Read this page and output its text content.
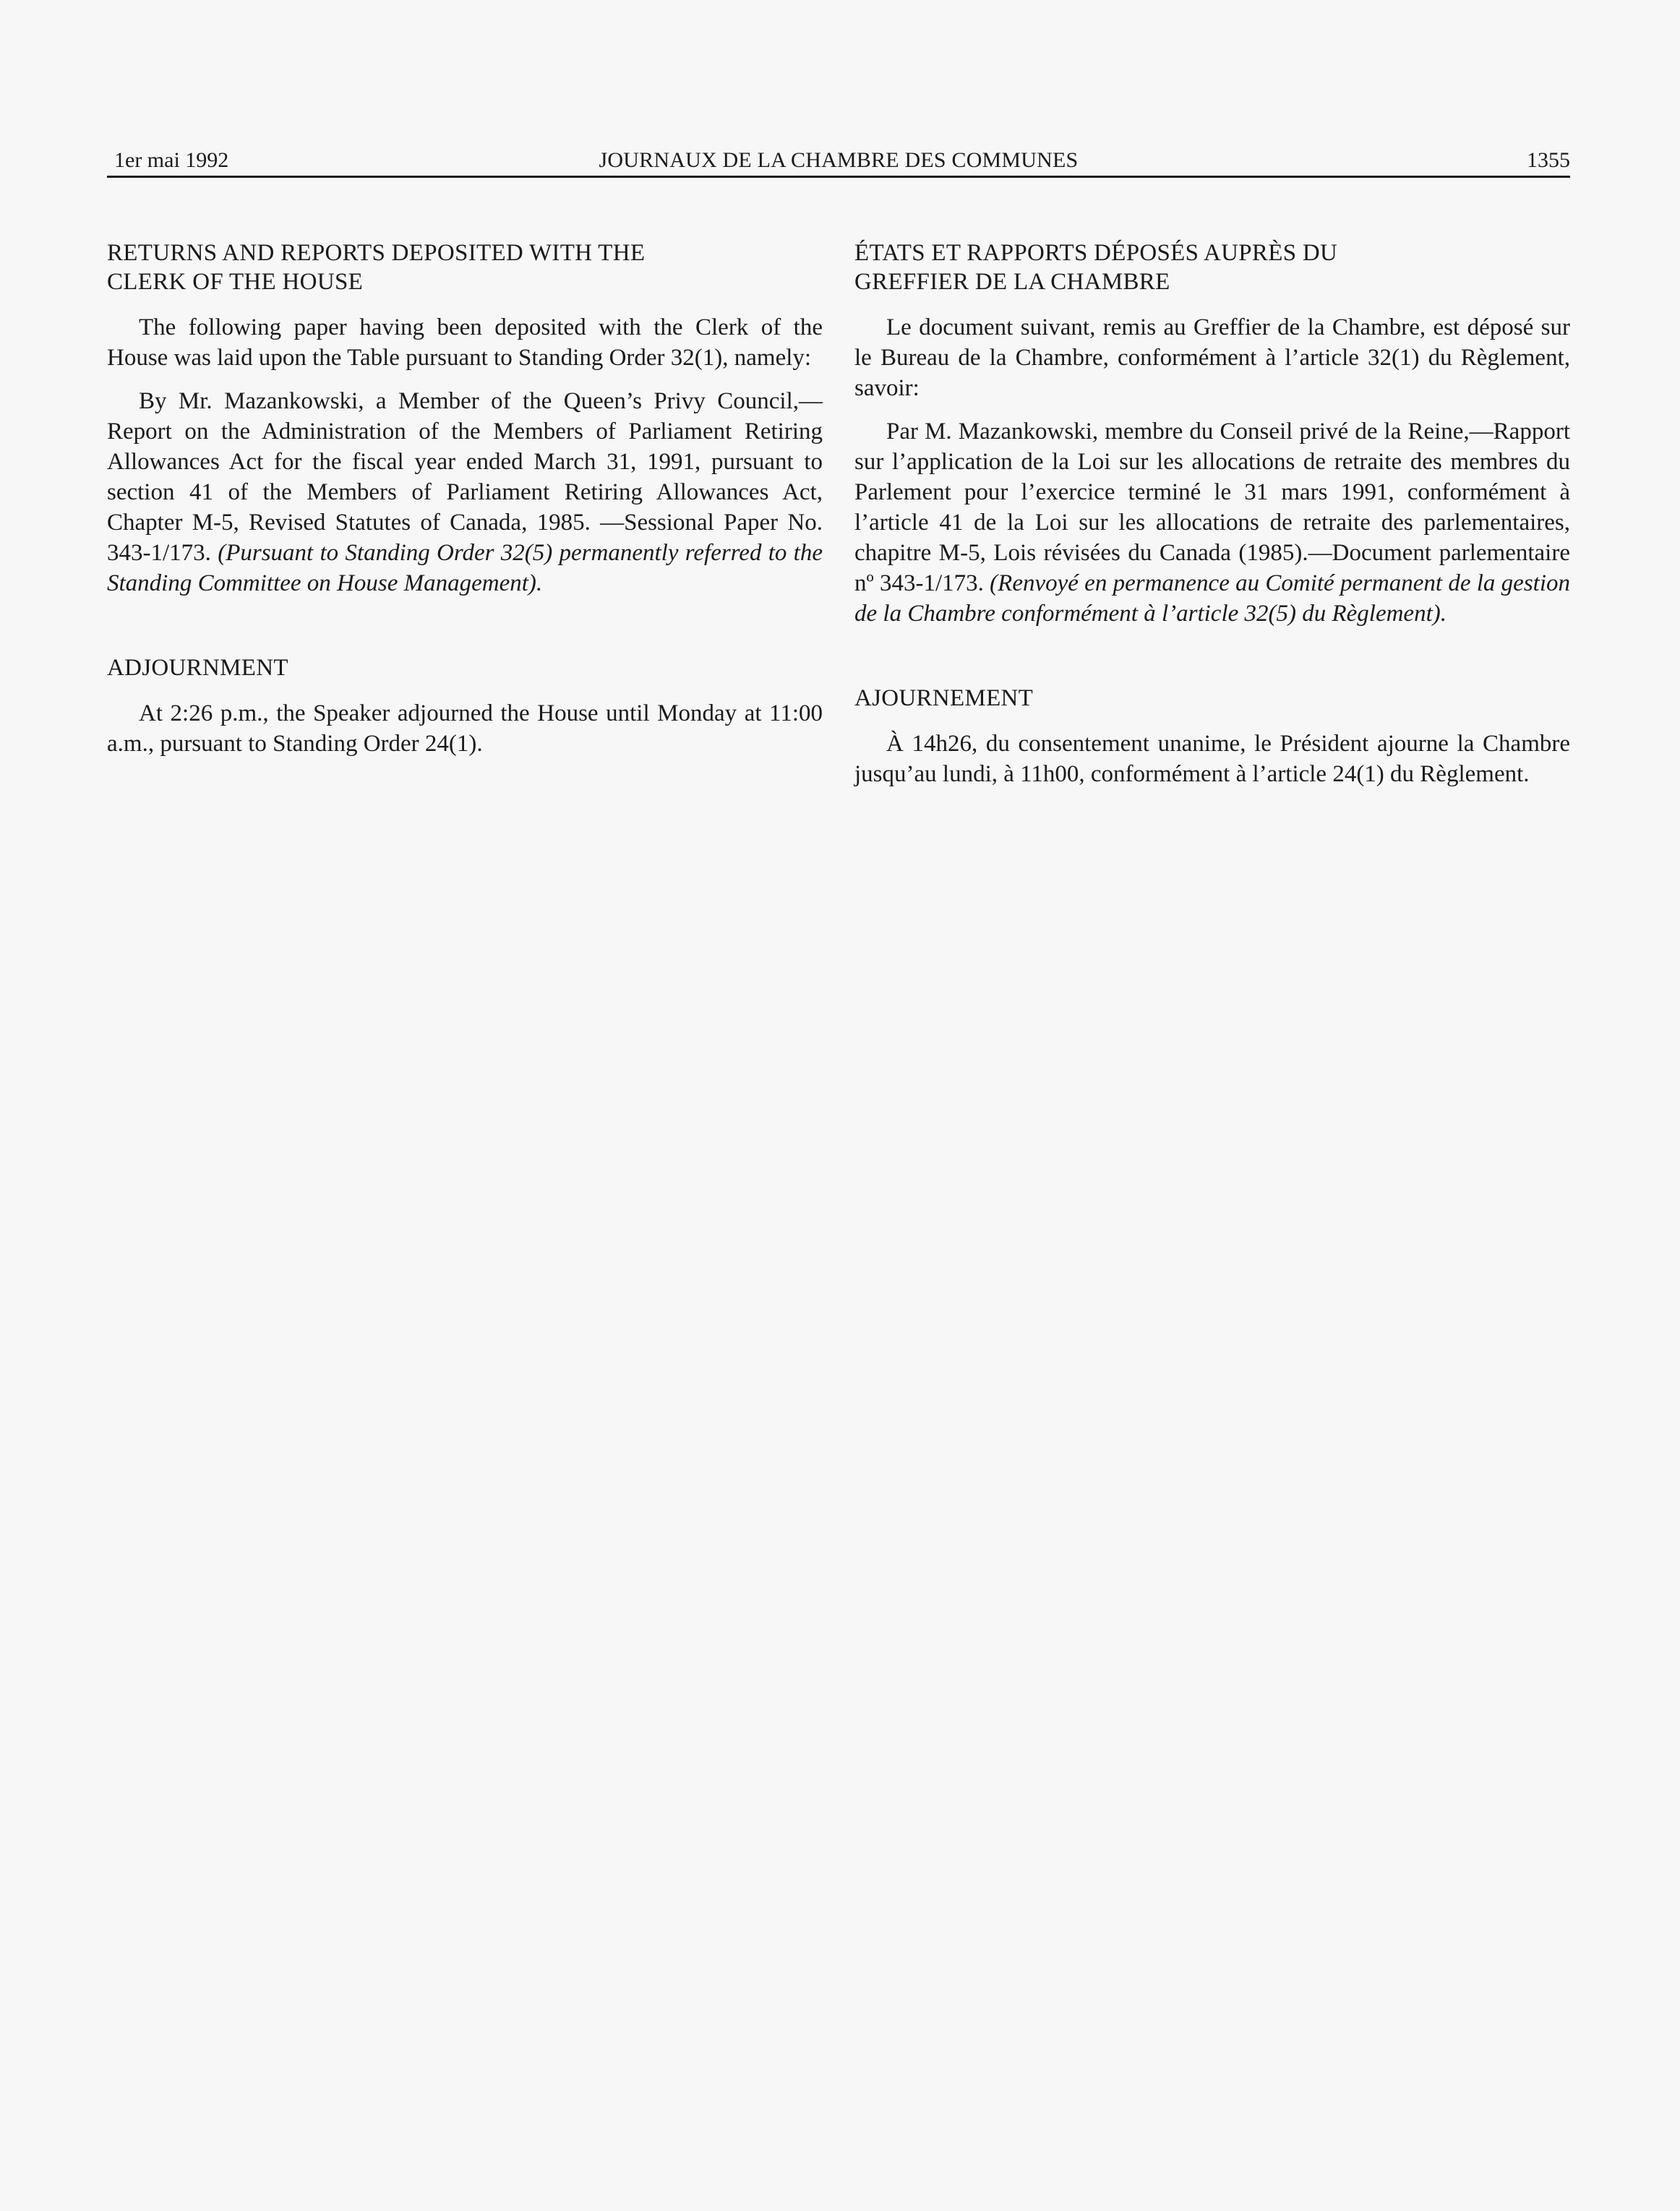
1er mai 1992	JOURNAUX DE LA CHAMBRE DES COMMUNES	1355
RETURNS AND REPORTS DEPOSITED WITH THE
CLERK OF THE HOUSE

The following paper having been deposited with the Clerk of the House was laid upon the Table pursuant to Standing Order 32(1), namely:

By Mr. Mazankowski, a Member of the Queen’s Privy Council,—Report on the Administration of the Members of Parliament Retiring Allowances Act for the fiscal year ended March 31, 1991, pursuant to section 41 of the Members of Parliament Retiring Allowances Act, Chapter M-5, Revised Statutes of Canada, 1985. —Sessional Paper No. 343-1/173. (Pursuant to Standing Order 32(5) permanently referred to the Standing Committee on House Management).

ADJOURNMENT

At 2:26 p.m., the Speaker adjourned the House until Monday at 11:00 a.m., pursuant to Standing Order 24(1).

ÉTATS ET RAPPORTS DÉPOSÉS AUPRÈS DU
GREFFIER DE LA CHAMBRE

Le document suivant, remis au Greffier de la Chambre, est déposé sur le Bureau de la Chambre, conformément à l’article 32(1) du Règlement, savoir:

Par M. Mazankowski, membre du Conseil privé de la Reine,—Rapport sur l’application de la Loi sur les allocations de retraite des membres du Parlement pour l’exercice terminé le 31 mars 1991, conformément à l’article 41 de la Loi sur les allocations de retraite des parlementaires, chapitre M-5, Lois révisées du Canada (1985).—Document parlementaire nº 343-1/173. (Renvoyé en permanence au Comité permanent de la gestion de la Chambre conformément à l’article 32(5) du Règlement).

AJOURNEMENT

À 14h26, du consentement unanime, le Président ajourne la Chambre jusqu’au lundi, à 11h00, conformément à l’article 24(1) du Règlement.
